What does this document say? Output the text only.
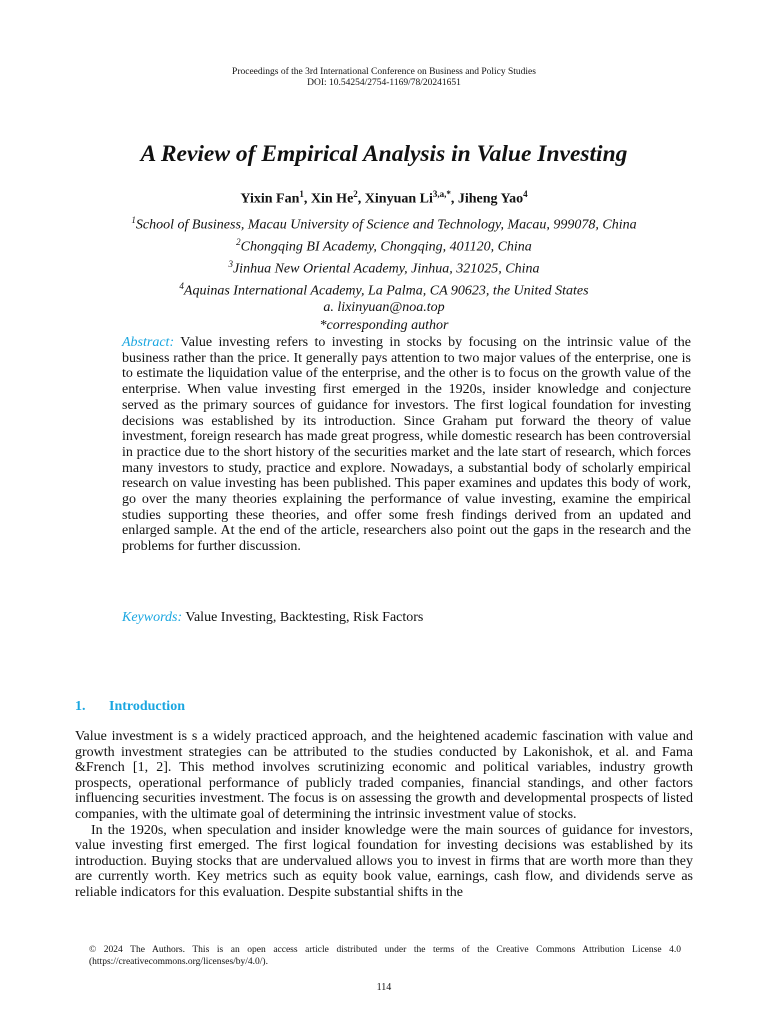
Proceedings of the 3rd International Conference on Business and Policy Studies
DOI: 10.54254/2754-1169/78/20241651
A Review of Empirical Analysis in Value Investing
Yixin Fan$^1$, Xin He$^2$, Xinyuan $Li^{3,a,*}$, Jiheng Yao$^4$
$^1$School of Business, Macau University of Science and Technology, Macau, 999078, China
$^2$Chongqing BI Academy, Chongqing, 401120, China
$^3$Jinhua New Oriental Academy, Jinhua, 321025, China
$^4$Aquinas International Academy, La Palma, CA 90623, the United States
a. lixinyuan@noa.top
*corresponding author

Abstract: Value investing refers to investing in stocks by focusing on the intrinsic value of the business rather than the price. It generally pays attention to two major values of the enterprise, one is to estimate the liquidation value of the enterprise, and the other is to focus on the growth value of the enterprise. When value investing first emerged in the 1920s, insider knowledge and conjecture served as the primary sources of guidance for investors. The first logical foundation for investing decisions was established by its introduction. Since Graham put forward the theory of value investment, foreign research has made great progress, while domestic research has been controversial in practice due to the short history of the securities market and the late start of research, which forces many investors to study, practice and explore. Nowadays, a substantial body of scholarly empirical research on value investing has been published. This paper examines and updates this body of work, go over the many theories explaining the performance of value investing, examine the empirical studies supporting these theories, and offer some fresh findings derived from an updated and enlarged sample. At the end of the article, researchers also point out the gaps in the research and the problems for further discussion.

Keywords: Value Investing, Backtesting, Risk Factors

1. Introduction

Value investment is s a widely practiced approach, and the heightened academic fascination with value and growth investment strategies can be attributed to the studies conducted by Lakonishok, et al. and Fama &French [1, 2]. This method involves scrutinizing economic and political variables, industry growth prospects, operational performance of publicly traded companies, financial standings, and other factors influencing securities investment. The focus is on assessing the growth and developmental prospects of listed companies, with the ultimate goal of determining the intrinsic investment value of stocks.

In the 1920s, when speculation and insider knowledge were the main sources of guidance for investors, value investing first emerged. The first logical foundation for investing decisions was established by its introduction. Buying stocks that are undervalued allows you to invest in firms that are worth more than they are currently worth. Key metrics such as equity book value, earnings, cash flow, and dividends serve as reliable indicators for this evaluation. Despite substantial shifts in the

© 2024 The Authors. This is an open access article distributed under the terms of the Creative Commons Attribution License 4.0 (https://creativecommons.org/licenses/by/4.0/).
114
